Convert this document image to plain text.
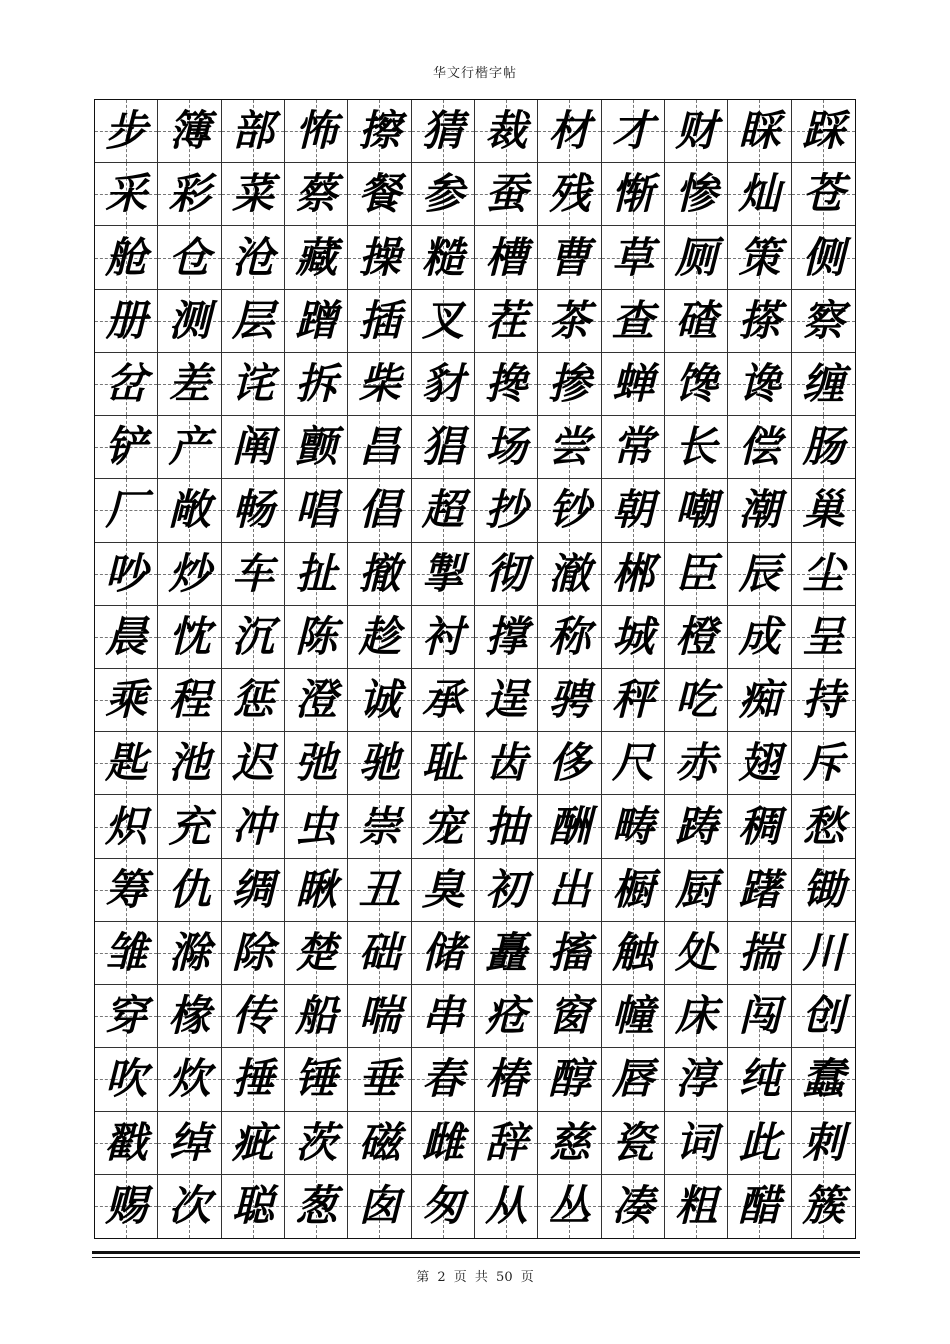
华文行楷字帖
步 簿 部 怖 擦 猜 裁 材 才 财 睬 踩
采 彩 菜 蔡 餐 参 蚕 残 惭 惨 灿 苍
舱 仓 沧 藏 操 糙 槽 曹 草 厕 策 侧
册 测 层 蹭 插 叉 茬 茶 查 碴 搽 察
岔 差 诧 拆 柴 豺 搀 掺 蝉 馋 谗 缠
铲 产 阐 颤 昌 猖 场 尝 常 长 偿 肠
厂 敞 畅 唱 倡 超 抄 钞 朝 嘲 潮 巢
吵 炒 车 扯 撤 掣 彻 澈 郴 臣 辰 尘
晨 忱 沉 陈 趁 衬 撑 称 城 橙 成 呈
乘 程 惩 澄 诚 承 逞 骋 秤 吃 痴 持
匙 池 迟 弛 驰 耻 齿 侈 尺 赤 翅 斥
炽 充 冲 虫 崇 宠 抽 酬 畴 踌 稠 愁
筹 仇 绸 瞅 丑 臭 初 出 橱 厨 躇 锄
雏 滁 除 楚 础 储 矗 搐 触 处 揣 川
穿 椽 传 船 喘 串 疮 窗 幢 床 闯 创
吹 炊 捶 锤 垂 春 椿 醇 唇 淳 纯 蠢
戳 绰 疵 茨 磁 雌 辞 慈 瓷 词 此 刺
赐 次 聪 葱 囱 匆 从 丛 凑 粗 醋 簇
第 2 页 共 50 页
